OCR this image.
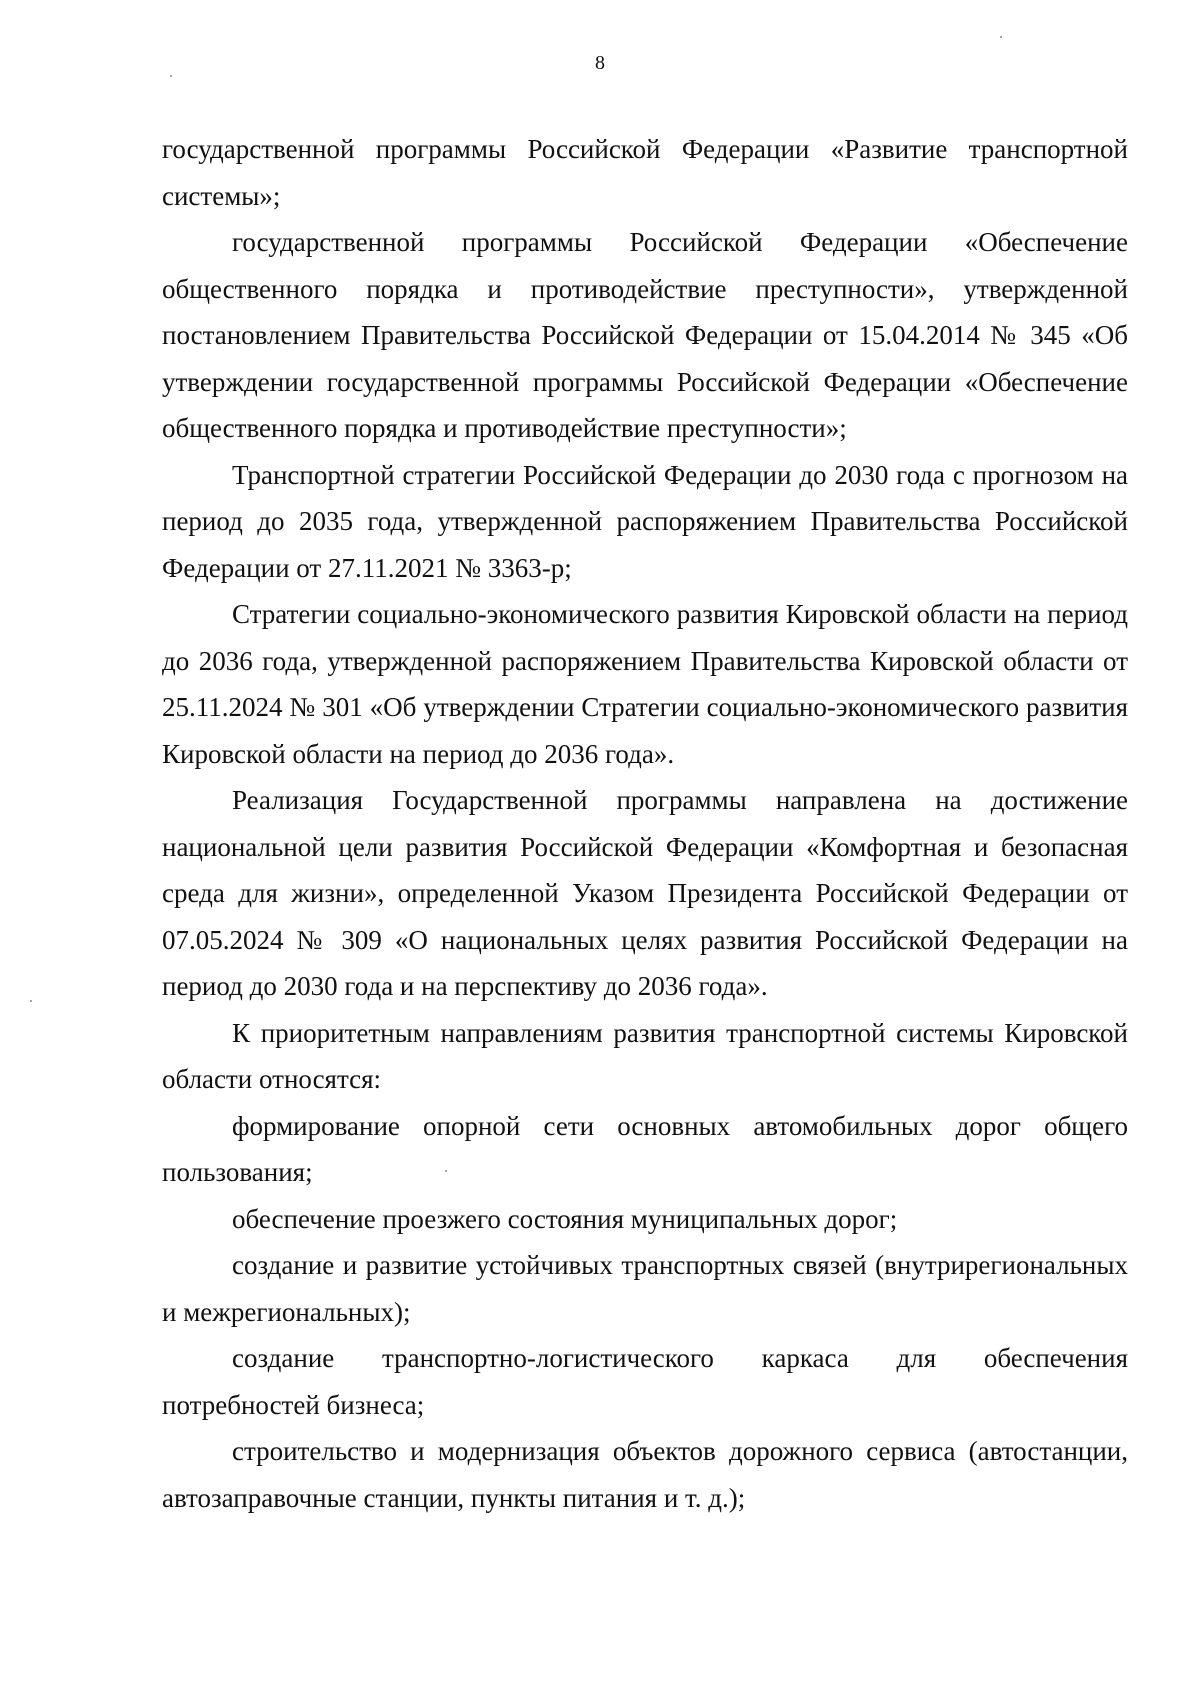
8

государственной программы Российской Федерации «Развитие транспортной системы»;

государственной программы Российской Федерации «Обеспечение общественного порядка и противодействие преступности», утвержденной постановлением Правительства Российской Федерации от 15.04.2014 № 345 «Об утверждении государственной программы Российской Федерации «Обеспечение общественного порядка и противодействие преступности»;

Транспортной стратегии Российской Федерации до 2030 года с прогнозом на период до 2035 года, утвержденной распоряжением Правительства Российской Федерации от 27.11.2021 № 3363-р;

Стратегии социально-экономического развития Кировской области на период до 2036 года, утвержденной распоряжением Правительства Кировской области от 25.11.2024 № 301 «Об утверждении Стратегии социально-экономического развития Кировской области на период до 2036 года».

Реализация Государственной программы направлена на достижение национальной цели развития Российской Федерации «Комфортная и безопасная среда для жизни», определенной Указом Президента Российской Федерации от 07.05.2024 № 309 «О национальных целях развития Российской Федерации на период до 2030 года и на перспективу до 2036 года».

К приоритетным направлениям развития транспортной системы Кировской области относятся:

формирование опорной сети основных автомобильных дорог общего пользования;

обеспечение проезжего состояния муниципальных дорог;

создание и развитие устойчивых транспортных связей (внутрирегиональных и межрегиональных);

создание транспортно-логистического каркаса для обеспечения потребностей бизнеса;

строительство и модернизация объектов дорожного сервиса (автостанции, автозаправочные станции, пункты питания и т. д.);
